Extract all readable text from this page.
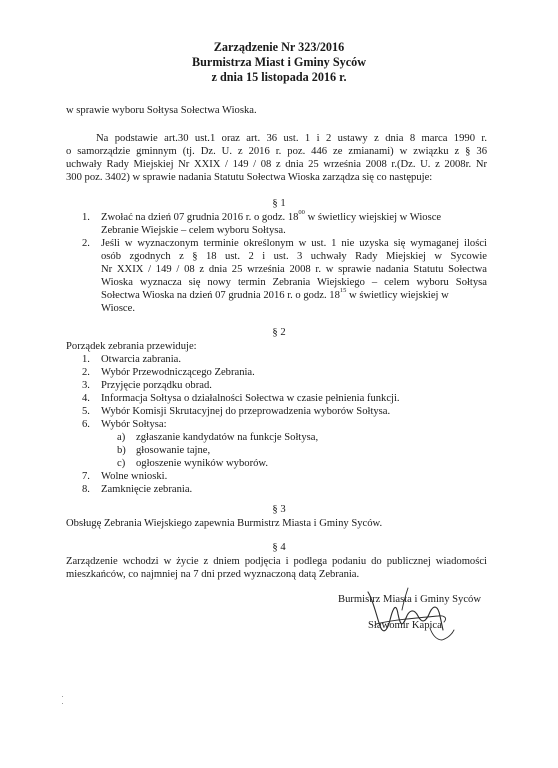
Zarządzenie Nr 323/2016
Burmistrza Miast i Gminy Syców
z dnia 15 listopada 2016 r.
w sprawie wyboru Sołtysa Sołectwa Wioska.
Na podstawie art.30 ust.1 oraz art. 36 ust. 1 i 2 ustawy z dnia 8 marca 1990 r.
o samorządzie gminnym (tj. Dz. U. z 2016 r. poz. 446 ze zmianami) w związku z § 36
uchwały Rady Miejskiej Nr XXIX / 149 / 08 z dnia 25 września 2008 r.(Dz. U. z 2008r. Nr
300 poz. 3402) w sprawie nadania Statutu Sołectwa Wioska zarządza się co następuje:
§ 1
1. Zwołać na dzień 07 grudnia 2016 r. o godz. $18^{00}$ w świetlicy wiejskiej w Wiosce
Zebranie Wiejskie – celem wyboru Sołtysa.
2. Jeśli w wyznaczonym terminie określonym w ust. 1 nie uzyska się wymaganej ilości
osób zgodnych z § 18 ust. 2 i ust. 3 uchwały Rady Miejskiej w Sycowie
Nr XXIX / 149 / 08 z dnia 25 września 2008 r. w sprawie nadania Statutu Sołectwa
Wioska wyznacza się nowy termin Zebrania Wiejskiego – celem wyboru Sołtysa
Sołectwa Wioska na dzień 07 grudnia 2016 r. o godz. $18^{15}$ w świetlicy wiejskiej w
Wiosce.
§ 2
Porządek zebrania przewiduje:
1. Otwarcia zabrania.
2. Wybór Przewodniczącego Zebrania.
3. Przyjęcie porządku obrad.
4. Informacja Sołtysa o działalności Sołectwa w czasie pełnienia funkcji.
5. Wybór Komisji Skrutacyjnej do przeprowadzenia wyborów Sołtysa.
6. Wybór Sołtysa:
a) zgłaszanie kandydatów na funkcje Sołtysa,
b) głosowanie tajne,
c) ogłoszenie wyników wyborów.
7. Wolne wnioski.
8. Zamknięcie zebrania.
§ 3
Obsługę Zebrania Wiejskiego zapewnia Burmistrz Miasta i Gminy Syców.
§ 4
Zarządzenie wchodzi w życie z dniem podjęcia i podlega podaniu do publicznej wiadomości
mieszkańców, co najmniej na 7 dni przed wyznaczoną datą Zebrania.
Burmistrz Miasta i Gminy Syców
Sławomir Kapica
